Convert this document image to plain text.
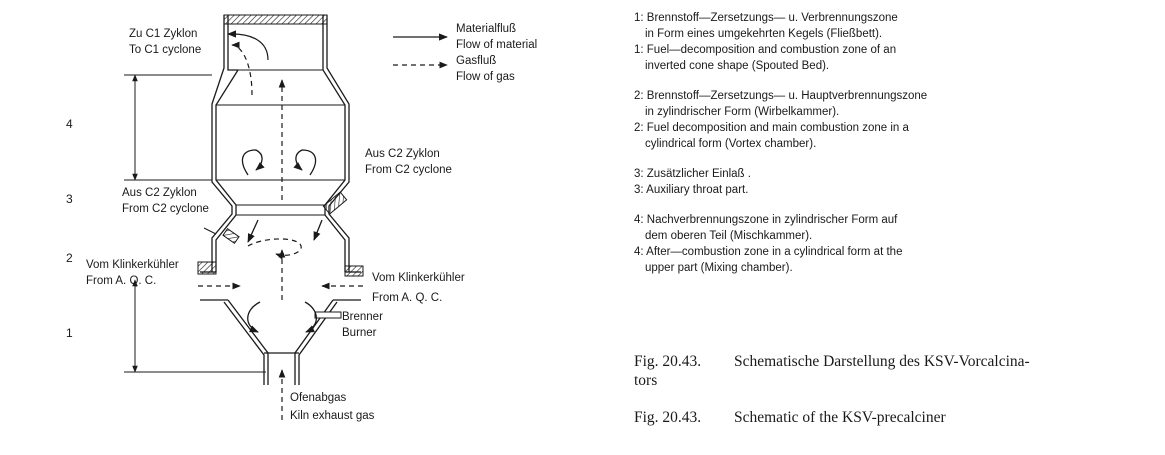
4
3
2
1
Zu C1 Zyklon
To C1 cyclone
Aus C2 Zyklon
From C2 cyclone
Aus C2 Zyklon
From C2 cyclone
Vom Klinkerkühler
From A. Q. C.	Vom Klinkerkühler
From A. Q. C.
Brenner
Burner
Ofenabgas
Kiln exhaust gas
Materialfluß
Flow of material
Gasfluß
Flow of gas

1: Brennstoff—Zersetzungs— u. Verbrennungszone
in Form eines umgekehrten Kegels (Fließbett).
1: Fuel—decomposition and combustion zone of an
inverted cone shape (Spouted Bed).

2: Brennstoff—Zersetzungs— u. Hauptverbrennungszone
in zylindrischer Form (Wirbelkammer).
2: Fuel decomposition and main combustion zone in a
cylindrical form (Vortex chamber).

3: Zusätzlicher Einlaß .
3: Auxiliary throat part.

4: Nachverbrennungszone in zylindrischer Form auf
dem oberen Teil (Mischkammer).
4: After—combustion zone in a cylindrical form at the
upper part (Mixing chamber).

Fig. 20.43. Schematische Darstellung des KSV-Vorcalcina-
tors
Fig. 20.43. Schematic of the KSV-precalciner
